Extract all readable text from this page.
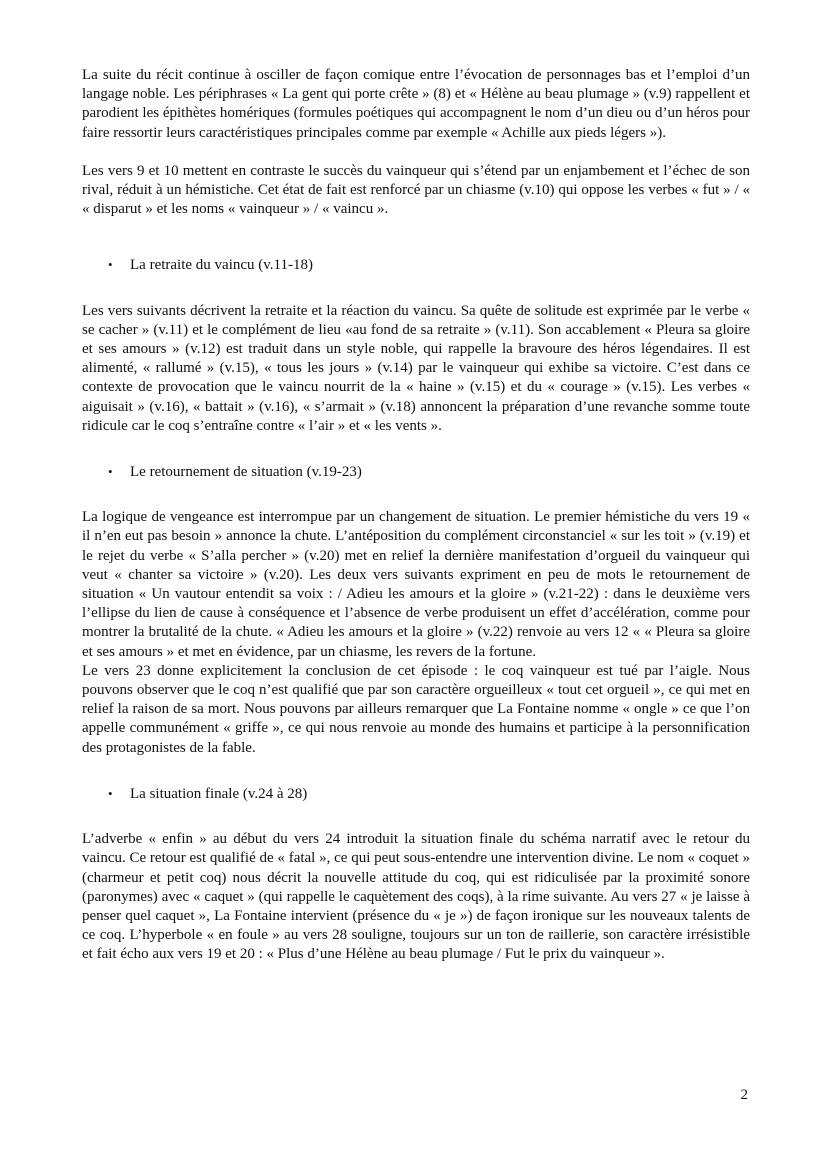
La suite du récit continue à osciller de façon comique entre l’évocation de personnages bas et l’emploi d’un langage noble. Les périphrases « La gent qui porte crête » (8) et « Hélène au beau plumage » (v.9) rappellent et parodient les épithètes homériques (formules poétiques qui accompagnent le nom d’un dieu ou d’un héros pour faire ressortir leurs caractéristiques principales comme par exemple « Achille aux pieds légers »).

Les vers 9 et 10 mettent en contraste le succès du vainqueur qui s’étend par un enjambement et l’échec de son rival, réduit à un hémistiche. Cet état de fait est renforcé par un chiasme (v.10) qui oppose les verbes « fut » / « « disparut » et les noms « vainqueur » / « vaincu ».

•	La retraite du vaincu (v.11-18)

Les vers suivants décrivent la retraite et la réaction du vaincu. Sa quête de solitude est exprimée par le verbe « se cacher » (v.11) et le complément de lieu «au fond de sa retraite » (v.11). Son accablement « Pleura sa gloire et ses amours » (v.12) est traduit dans un style noble, qui rappelle la bravoure des héros légendaires. Il est alimenté, « rallumé » (v.15), « tous les jours » (v.14) par le vainqueur qui exhibe sa victoire. C’est dans ce contexte de provocation que le vaincu nourrit de la « haine » (v.15) et du « courage » (v.15). Les verbes « aiguisait » (v.16), « battait » (v.16), « s’armait » (v.18) annoncent la préparation d’une revanche somme toute ridicule car le coq s’entraîne contre « l’air » et « les vents ».

•	Le retournement de situation (v.19-23)

La logique de vengeance est interrompue par un changement de situation. Le premier hémistiche du vers 19 « il n’en eut pas besoin » annonce la chute. L’antéposition du complément circonstanciel « sur les toit » (v.19) et le rejet du verbe « S’alla percher » (v.20) met en relief la dernière manifestation d’orgueil du vainqueur qui veut « chanter sa victoire » (v.20). Les deux vers suivants expriment en peu de mots le retournement de situation « Un vautour entendit sa voix : / Adieu les amours et la gloire » (v.21-22) : dans le deuxième vers l’ellipse du lien de cause à conséquence et l’absence de verbe produisent un effet d’accélération, comme pour montrer la brutalité de la chute. « Adieu les amours et la gloire » (v.22) renvoie au vers 12 « « Pleura sa gloire et ses amours » et met en évidence, par un chiasme, les revers de la fortune.

Le vers 23 donne explicitement la conclusion de cet épisode : le coq vainqueur est tué par l’aigle. Nous pouvons observer que le coq n’est qualifié que par son caractère orgueilleux « tout cet orgueil », ce qui met en relief la raison de sa mort. Nous pouvons par ailleurs remarquer que La Fontaine nomme « ongle » ce que l’on appelle communément « griffe », ce qui nous renvoie au monde des humains et participe à la personnification des protagonistes de la fable.

•	La situation finale (v.24 à 28)

L’adverbe « enfin » au début du vers 24 introduit la situation finale du schéma narratif avec le retour du vaincu. Ce retour est qualifié de « fatal », ce qui peut sous-entendre une intervention divine. Le nom « coquet » (charmeur et petit coq) nous décrit la nouvelle attitude du coq, qui est ridiculisée par la proximité sonore (paronymes) avec « caquet » (qui rappelle le caquètement des coqs), à la rime suivante. Au vers 27 « je laisse à penser quel caquet », La Fontaine intervient (présence du « je ») de façon ironique sur les nouveaux talents de ce coq. L’hyperbole « en foule » au vers 28 souligne, toujours sur un ton de raillerie, son caractère irrésistible et fait écho aux vers 19 et 20 : « Plus d’une Hélène au beau plumage / Fut le prix du vainqueur ».

2
